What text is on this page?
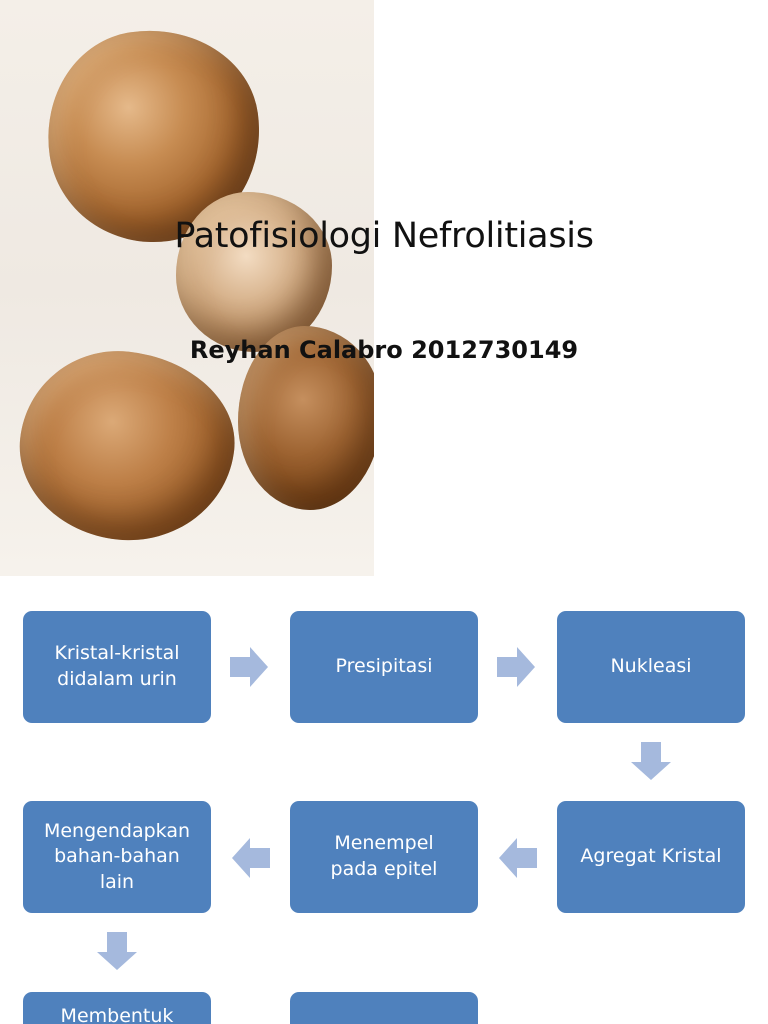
Patofisiologi Nefrolitiasis
Reyhan Calabro 2012730149
Kristal-kristal
didalam urin
Presipitasi	Nukleasi
Mengendapkan
bahan-bahan
lain
Menempel
pada epitel
Agregat Kristal
Membentuk
